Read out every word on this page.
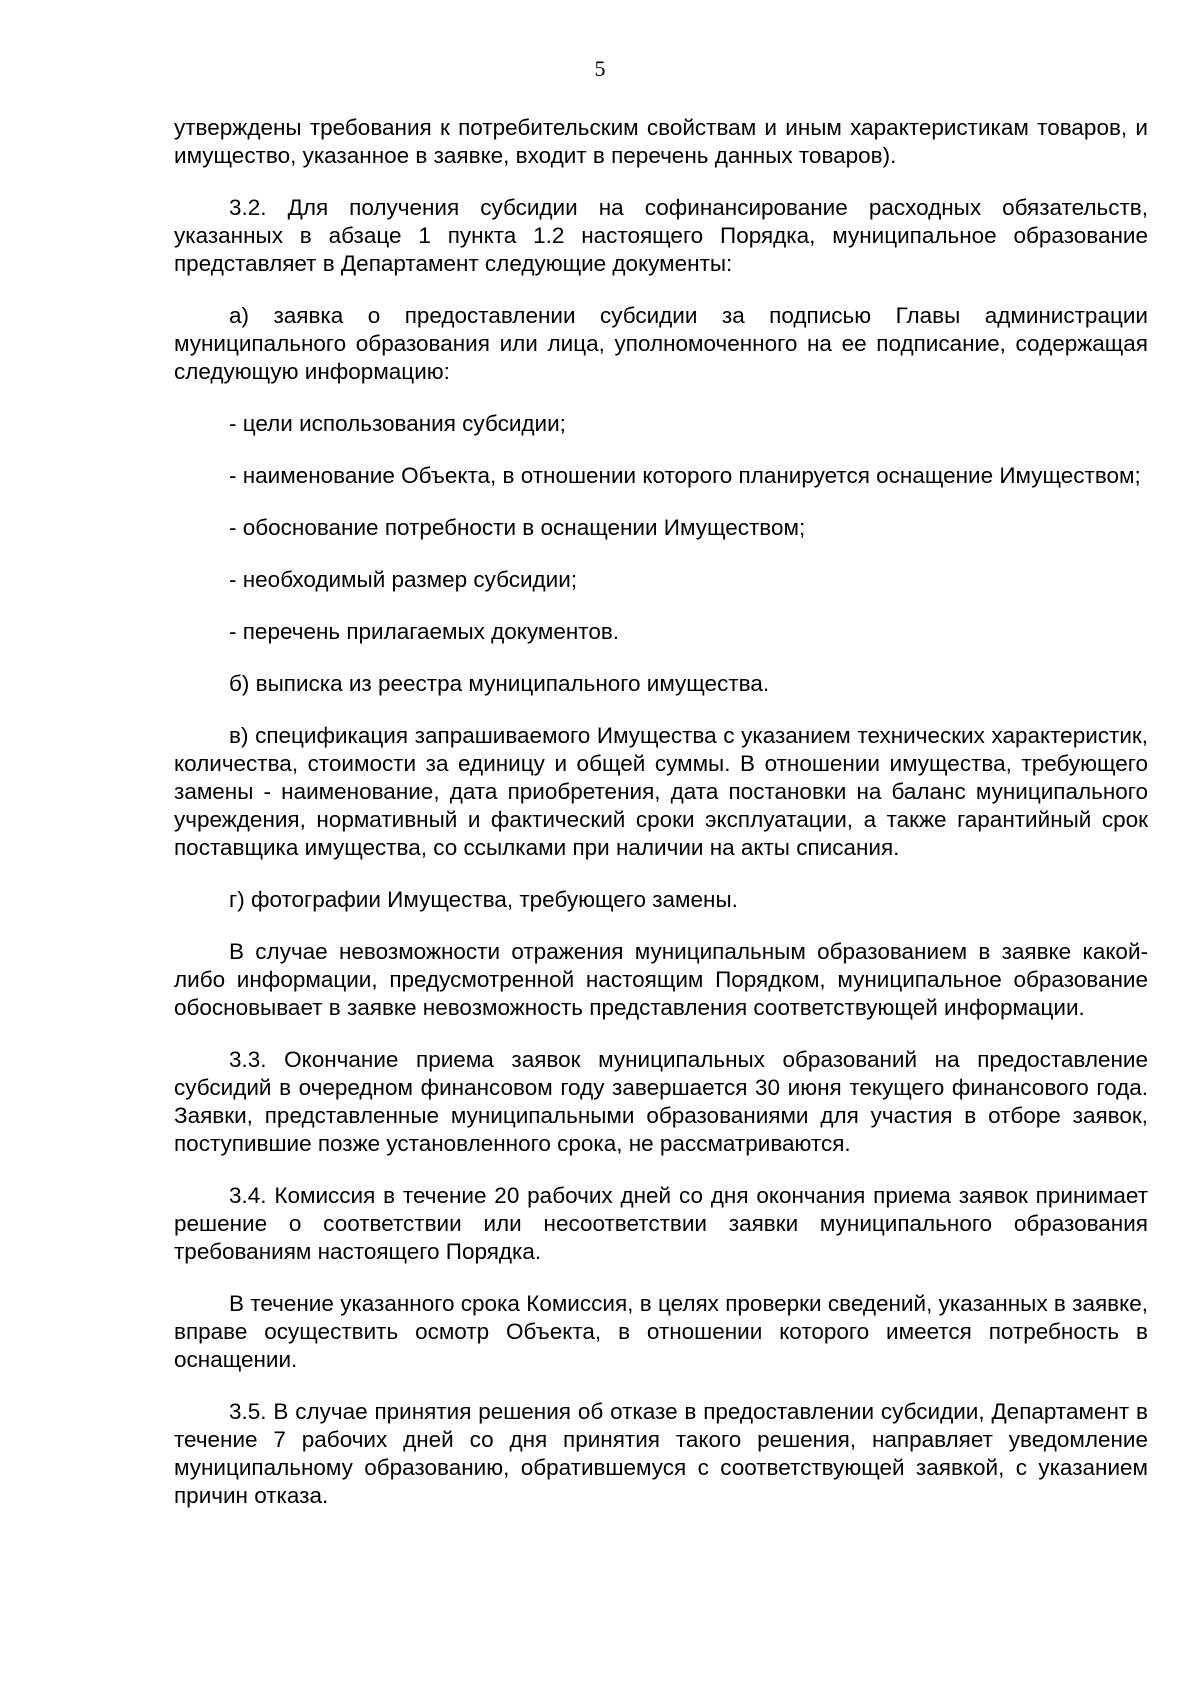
5

утверждены требования к потребительским свойствам и иным характеристикам товаров, и имущество, указанное в заявке, входит в перечень данных товаров).

3.2. Для получения субсидии на софинансирование расходных обязательств, указанных в абзаце 1 пункта 1.2 настоящего Порядка, муниципальное образование представляет в Департамент следующие документы:

а) заявка о предоставлении субсидии за подписью Главы администрации муниципального образования или лица, уполномоченного на ее подписание, содержащая следующую информацию:

- цели использования субсидии;

- наименование Объекта, в отношении которого планируется оснащение Имуществом;

- обоснование потребности в оснащении Имуществом;

- необходимый размер субсидии;

- перечень прилагаемых документов.

б) выписка из реестра муниципального имущества.

в) спецификация запрашиваемого Имущества с указанием технических характеристик, количества, стоимости за единицу и общей суммы. В отношении имущества, требующего замены - наименование, дата приобретения, дата постановки на баланс муниципального учреждения, нормативный и фактический сроки эксплуатации, а также гарантийный срок поставщика имущества, со ссылками при наличии на акты списания.

г) фотографии Имущества, требующего замены.

В случае невозможности отражения муниципальным образованием в заявке какой-либо информации, предусмотренной настоящим Порядком, муниципальное образование обосновывает в заявке невозможность представления соответствующей информации.

3.3. Окончание приема заявок муниципальных образований на предоставление субсидий в очередном финансовом году завершается 30 июня текущего финансового года. Заявки, представленные муниципальными образованиями для участия в отборе заявок, поступившие позже установленного срока, не рассматриваются.

3.4. Комиссия в течение 20 рабочих дней со дня окончания приема заявок принимает решение о соответствии или несоответствии заявки муниципального образования требованиям настоящего Порядка.

В течение указанного срока Комиссия, в целях проверки сведений, указанных в заявке, вправе осуществить осмотр Объекта, в отношении которого имеется потребность в оснащении.

3.5. В случае принятия решения об отказе в предоставлении субсидии, Департамент в течение 7 рабочих дней со дня принятия такого решения, направляет уведомление муниципальному образованию, обратившемуся с соответствующей заявкой, с указанием причин отказа.
